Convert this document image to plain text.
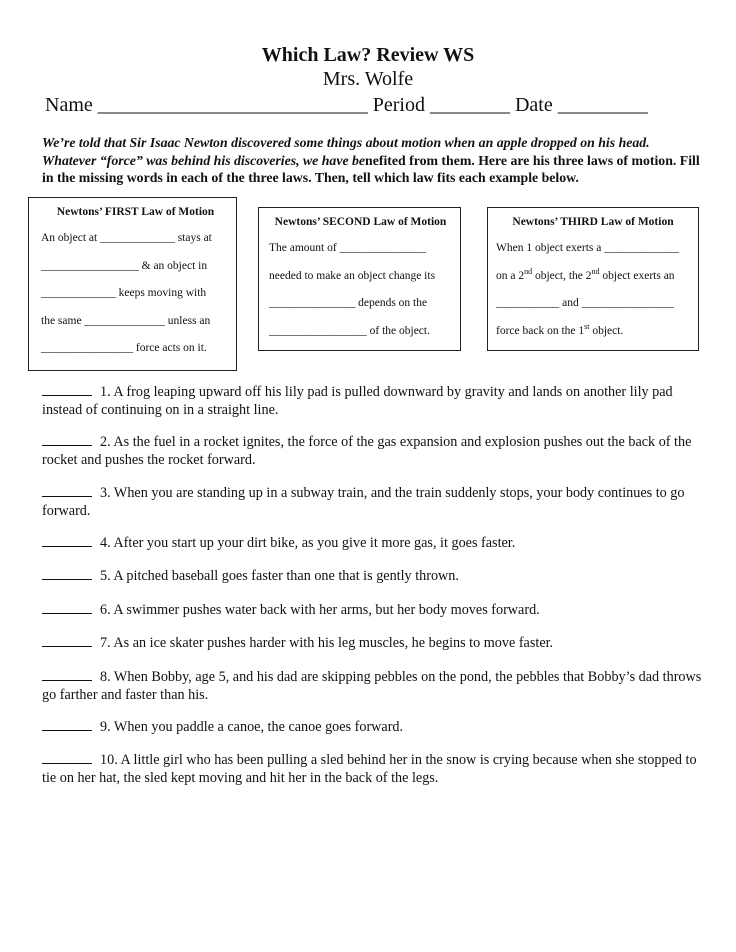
Which Law? Review WS
Mrs. Wolfe
Name ___________________________ Period ________ Date _________
We’re told that Sir Isaac Newton discovered some things about motion when an apple dropped on his head. Whatever “force” was behind his discoveries, we have benefited from them. Here are his three laws of motion. Fill in the missing words in each of the three laws. Then, tell which law fits each example below.
Newtons’ FIRST Law of Motion
An object at _____________ stays at
_________________ & an object in
_____________ keeps moving with
the same ______________ unless an
________________ force acts on it.
Newtons’ SECOND Law of Motion
The amount of _______________
needed to make an object change its
_______________ depends on the
_________________ of the object.
Newtons’ THIRD Law of Motion
When 1 object exerts a _____________
on a 2nd object, the 2nd object exerts an
___________ and ________________
force back on the 1st object.

1. A frog leaping upward off his lily pad is pulled downward by gravity and lands on another lily pad instead of continuing on in a straight line.

2. As the fuel in a rocket ignites, the force of the gas expansion and explosion pushes out the back of the rocket and pushes the rocket forward.

3. When you are standing up in a subway train, and the train suddenly stops, your body continues to go forward.

4. After you start up your dirt bike, as you give it more gas, it goes faster.

5. A pitched baseball goes faster than one that is gently thrown.

6. A swimmer pushes water back with her arms, but her body moves forward.

7. As an ice skater pushes harder with his leg muscles, he begins to move faster.

8. When Bobby, age 5, and his dad are skipping pebbles on the pond, the pebbles that Bobby’s dad throws go farther and faster than his.

9. When you paddle a canoe, the canoe goes forward.

10. A little girl who has been pulling a sled behind her in the snow is crying because when she stopped to tie on her hat, the sled kept moving and hit her in the back of the legs.
